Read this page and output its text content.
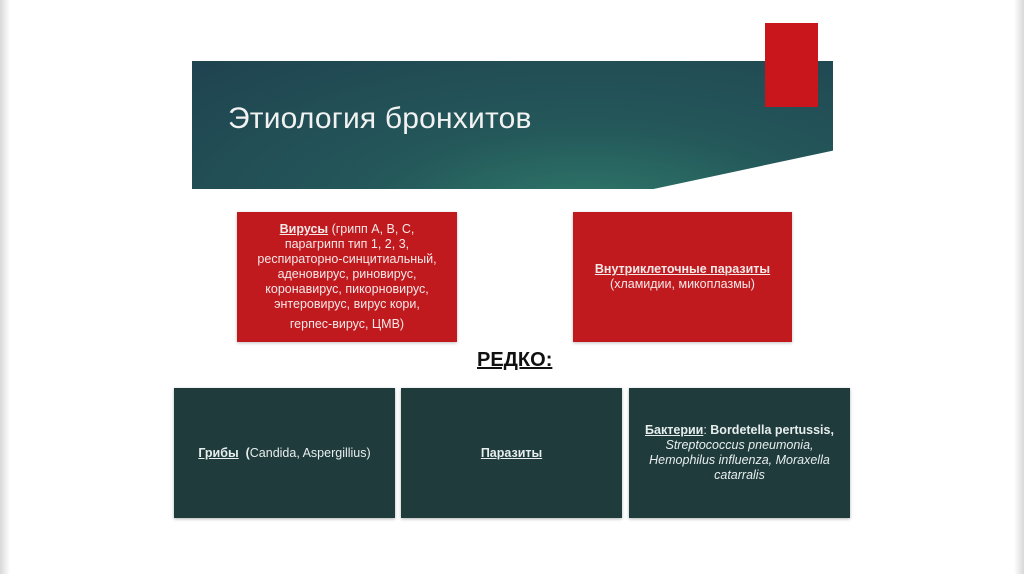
Этиология бронхитов
Вирусы (грипп А, В, С,
парагрипп тип 1, 2, 3,
респираторно-синцитиальный,
аденовирус, риновирус,
коронавирус, пикорновирус,
энтеровирус, вирус кори,
герпес-вирус, ЦМВ)
Внутриклеточные паразиты
(хламидии, микоплазмы)
РЕДКО:
Грибы (Candida, Aspergillius)	Паразиты
Бактерии: Bordetella pertussis,
Streptococcus pneumonia,
Hemophilus influenza, Moraxella
catarralis
